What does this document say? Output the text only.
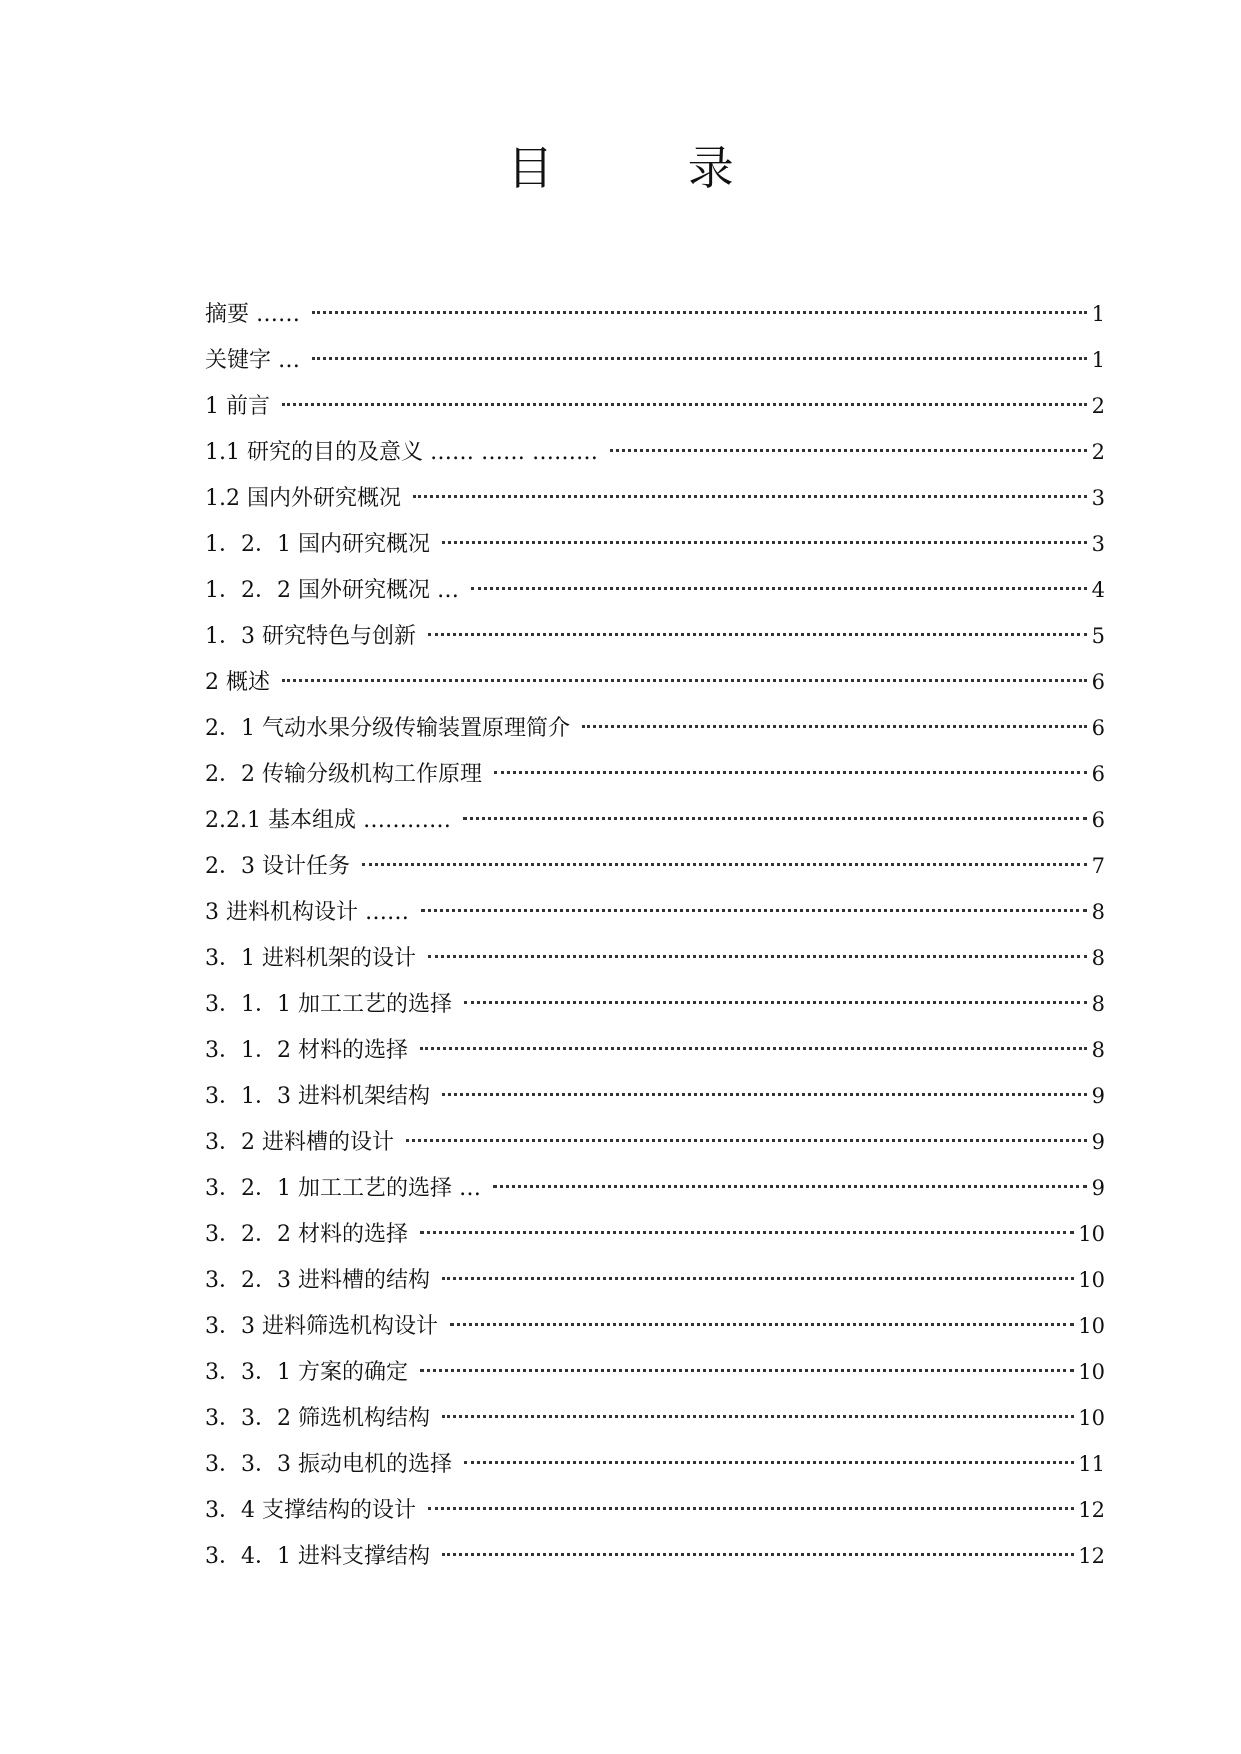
目 录
摘要 ……	1
关键字 …	1
1 前言	2
1.1 研究的目的及意义 …… …… ………	2
1.2 国内外研究概况	3
1．2．1 国内研究概况	3
1．2．2 国外研究概况 …	4
1．3 研究特色与创新	5
2 概述	6
2．1 气动水果分级传输装置原理简介	6
2．2 传输分级机构工作原理	6
2.2.1 基本组成 …………	6
2．3 设计任务	7
3 进料机构设计 ……	8
3．1 进料机架的设计	8
3．1．1 加工工艺的选择	8
3．1．2 材料的选择	8
3．1．3 进料机架结构	9
3．2 进料槽的设计	9
3．2．1 加工工艺的选择 …	9
3．2．2 材料的选择	10
3．2．3 进料槽的结构	10
3．3 进料筛选机构设计	10
3．3．1 方案的确定	10
3．3．2 筛选机构结构	10
3．3．3 振动电机的选择	11
3．4 支撑结构的设计	12
3．4．1 进料支撑结构	12
